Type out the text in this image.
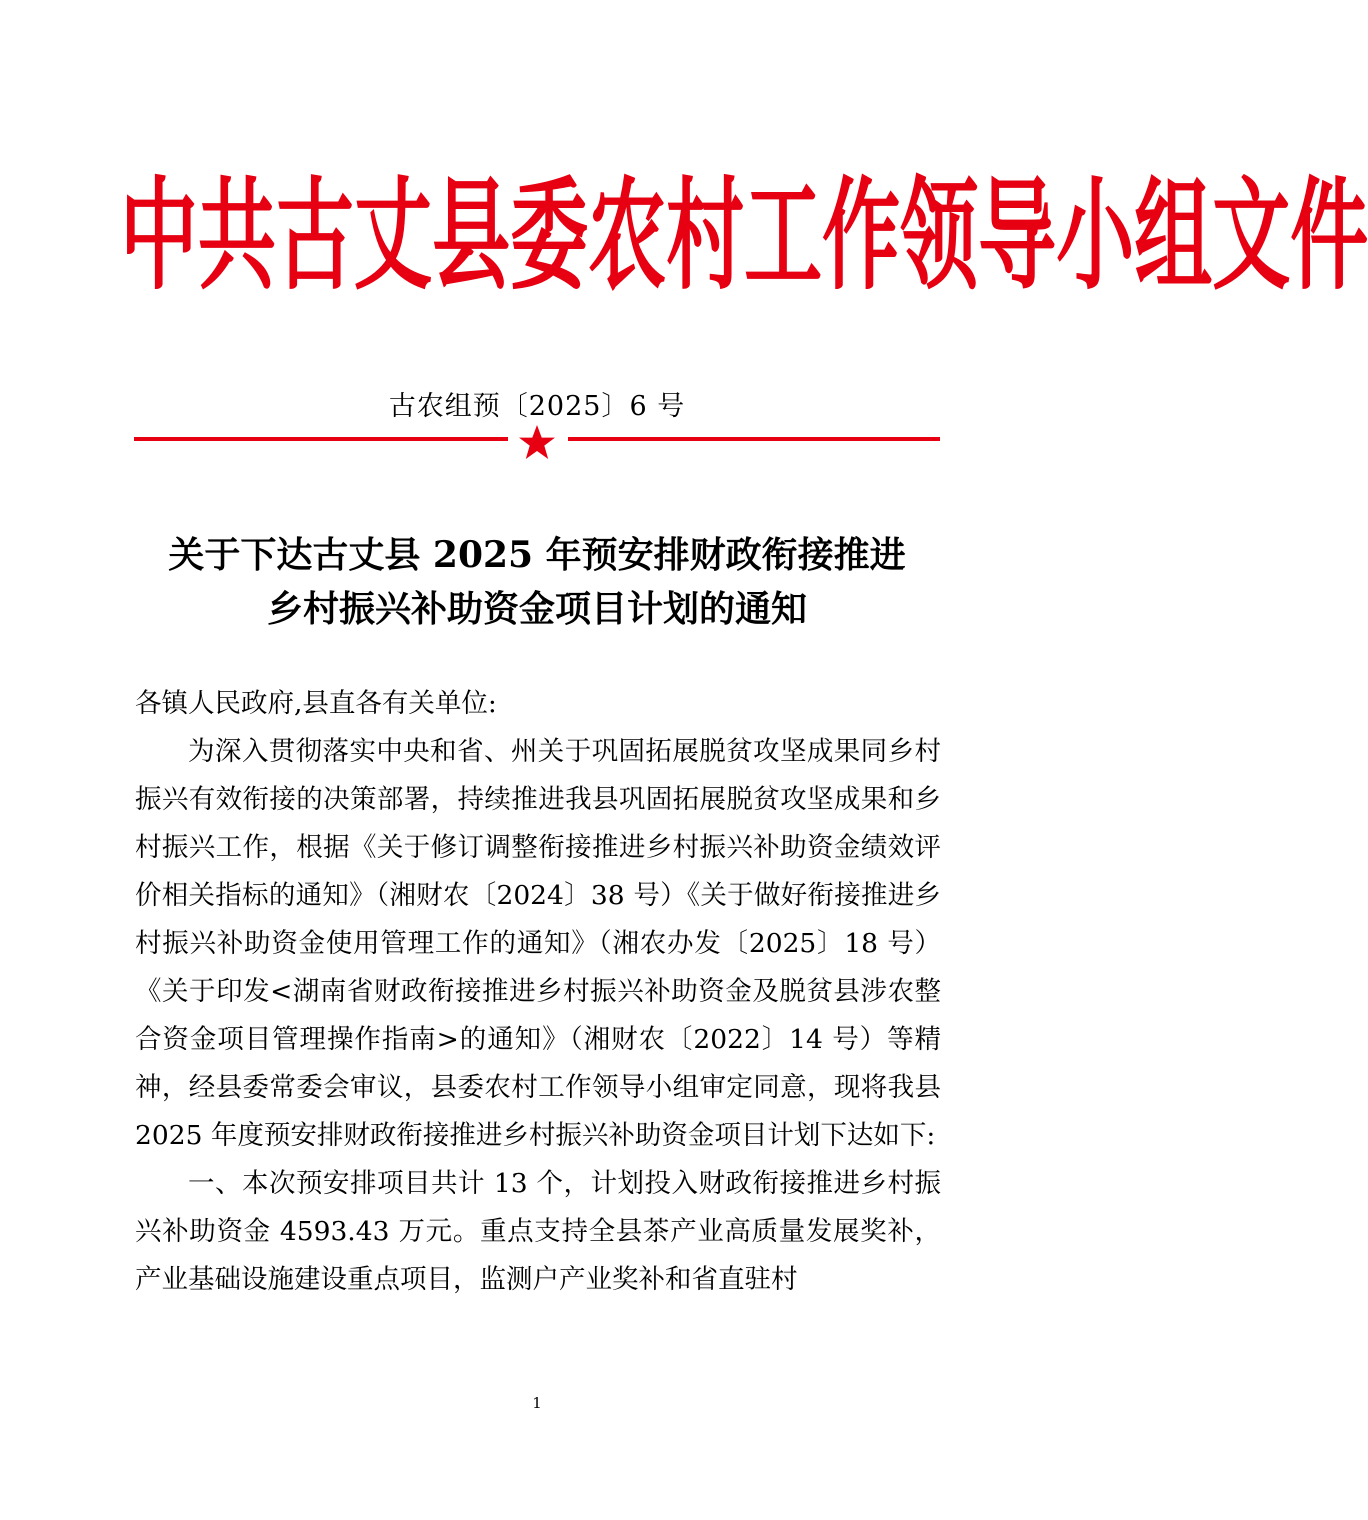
中 共 古 丈 县 委 农 村 工 作 领 导 小 组 文 件
古农组预〔2025〕6 号
关于下达古丈县 2025 年预安排财政衔接推进
乡村振兴补助资金项目计划的通知

各镇人民政府,县直各有关单位:

为深入贯彻落实中央和省、州关于巩固拓展脱贫攻坚成果同乡村振兴有效衔接的决策部署，持续推进我县巩固拓展脱贫攻坚成果和乡村振兴工作，根据《关于修订调整衔接推进乡村振兴补助资金绩效评价相关指标的通知》（湘财农〔2024〕38 号）《关于做好衔接推进乡村振兴补助资金使用管理工作的通知》（湘农办发〔2025〕18 号）《关于印发<湖南省财政衔接推进乡村振兴补助资金及脱贫县涉农整合资金项目管理操作指南>的通知》（湘财农〔2022〕14 号）等精神，经县委常委会审议，县委农村工作领导小组审定同意，现将我县 2025 年度预安排财政衔接推进乡村振兴补助资金项目计划下达如下:

一、本次预安排项目共计 13 个，计划投入财政衔接推进乡村振兴补助资金 4593.43 万元。重点支持全县茶产业高质量发展奖补，产业基础设施建设重点项目，监测户产业奖补和省直驻村

1
